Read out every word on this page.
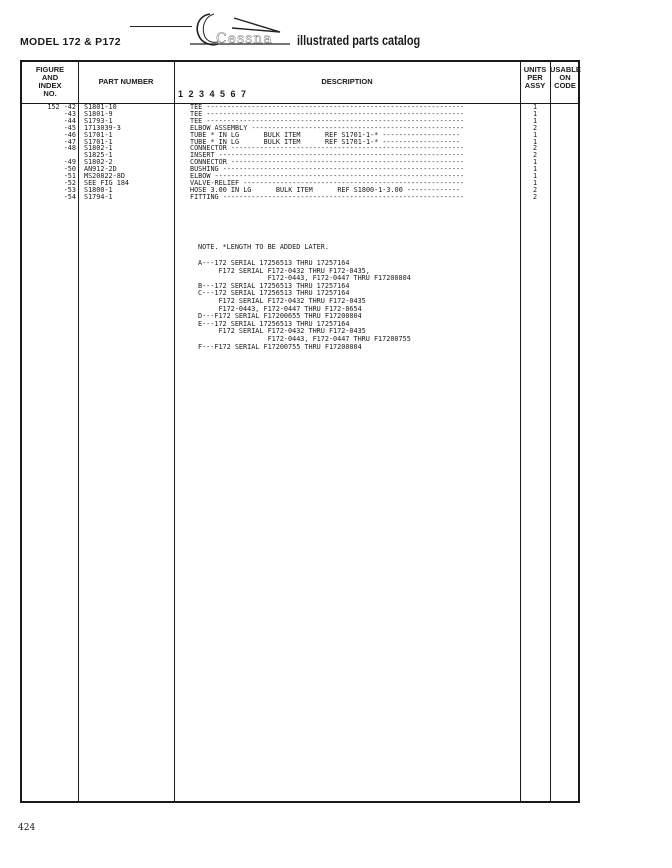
MODEL 172 & P172	Cessna illustrated parts catalog
FIGURE
AND
INDEX
NO.
PART NUMBER	DESCRIPTION
1 2 3 4 5 6 7
UNITS
PER
ASSY
USABLE
ON
CODE
152 -42
-43
-44
-45
-46
-47
-48

-49
-50
-51
-52
-53
-54
S1801-10
S1801-9
S1793-1
1713039-3
S1701-1
S1701-1
S1802-1
S1825-1
S1802-2
AN912-2D
MS20822-8D
SEE FIG 184
S1800-1
S1794-1
TEE ---------------------------------------------------------------
TEE ---------------------------------------------------------------
TEE ---------------------------------------------------------------
ELBOW ASSEMBLY ----------------------------------------------------
TUBE * IN LG      BULK ITEM      REF S1701-1-* -------------------
TUBE * IN LG      BULK ITEM      REF S1701-1-* -------------------
CONNECTOR ---------------------------------------------------------
INSERT ------------------------------------------------------------
CONNECTOR ---------------------------------------------------------
BUSHING -----------------------------------------------------------
ELBOW -------------------------------------------------------------
VALVE-RELIEF ------------------------------------------------------
HOSE 3.00 IN LG      BULK ITEM      REF S1800-1-3.00 -------------
FITTING -----------------------------------------------------------
1
1
1
2
1
1
2
2
1
1
1
1
2
2
NOTE. *LENGTH TO BE ADDED LATER.
A---172 SERIAL 17256513 THRU 17257164
F172 SERIAL F172-0432 THRU F172-0435,
F172-0443, F172-0447 THRU F17200804
B---172 SERIAL 17256513 THRU 17257164
C---172 SERIAL 17256513 THRU 17257164
F172 SERIAL F172-0432 THRU F172-0435
F172-0443, F172-0447 THRU F172-0654
D---F172 SERIAL F17200655 THRU F17200804
E---172 SERIAL 17256513 THRU 17257164
F172 SERIAL F172-0432 THRU F172-0435
F172-0443, F172-0447 THRU F17200755
F---F172 SERIAL F17200755 THRU F17200804
424
